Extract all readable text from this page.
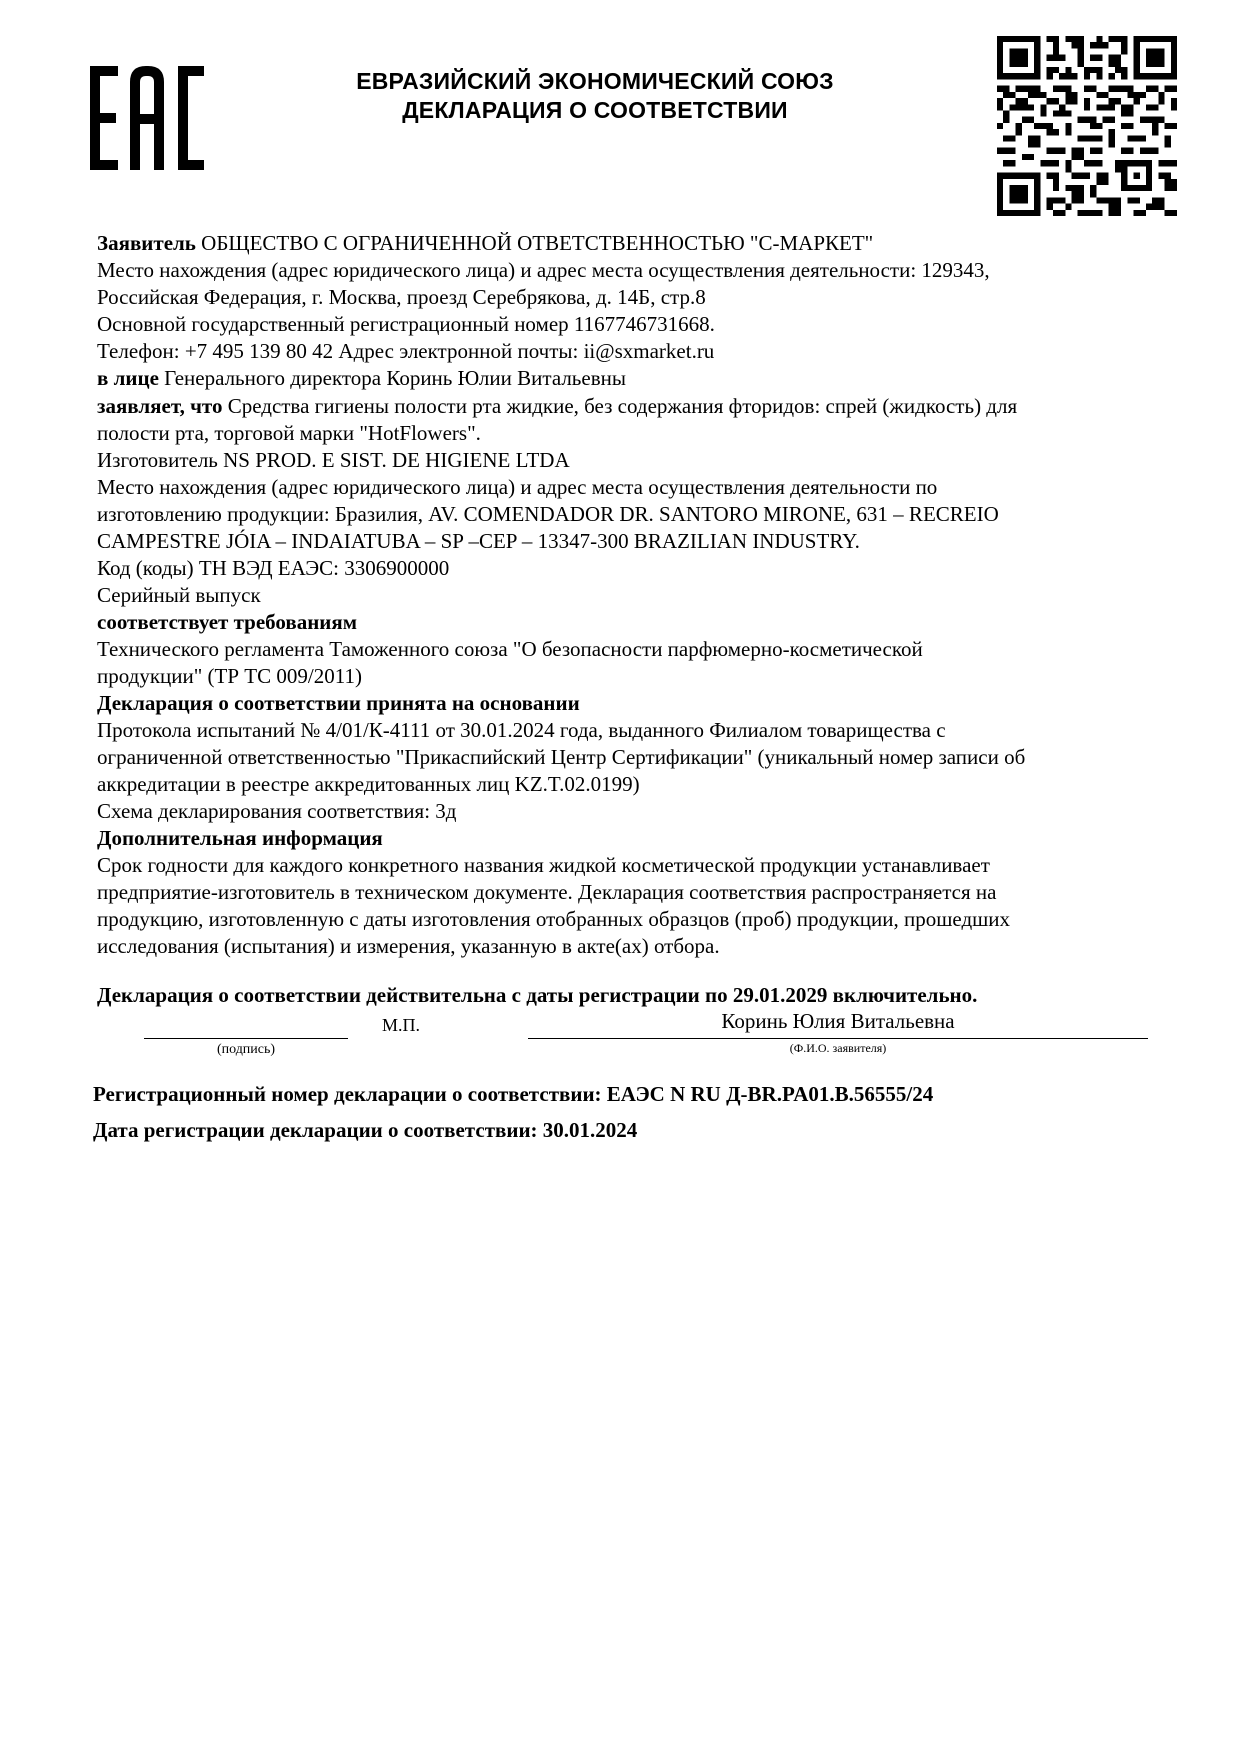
ЕВРАЗИЙСКИЙ ЭКОНОМИЧЕСКИЙ СОЮЗ
ДЕКЛАРАЦИЯ О СООТВЕТСТВИИ

Заявитель ОБЩЕСТВО С ОГРАНИЧЕННОЙ ОТВЕТСТВЕННОСТЬЮ "С-МАРКЕТ"

Место нахождения (адрес юридического лица) и адрес места осуществления деятельности: 129343,

Российская Федерация, г. Москва, проезд Серебрякова, д. 14Б, стр.8

Основной государственный регистрационный номер 1167746731668.

Телефон: +7 495 139 80 42 Адрес электронной почты: ii@sxmarket.ru

в лице Генерального директора Коринь Юлии Витальевны

заявляет, что Средства гигиены полости рта жидкие, без содержания фторидов: спрей (жидкость) для

полости рта, торговой марки "HotFlowers".

Изготовитель NS PROD. E SIST. DE HIGIENE LTDA

Место нахождения (адрес юридического лица) и адрес места осуществления деятельности по

изготовлению продукции: Бразилия, AV. COMENDADOR DR. SANTORO MIRONE, 631 – RECREIO

CAMPESTRE JÓIA – INDAIATUBA – SP –CEP – 13347-300 BRAZILIAN INDUSTRY.

Код (коды) ТН ВЭД ЕАЭС: 3306900000

Серийный выпуск

соответствует требованиям

Технического регламента Таможенного союза "О безопасности парфюмерно-косметической

продукции" (ТР ТС 009/2011)

Декларация о соответствии принята на основании

Протокола испытаний № 4/01/К-4111 от 30.01.2024 года, выданного Филиалом товарищества с

ограниченной ответственностью "Прикаспийский Центр Сертификации" (уникальный номер записи об

аккредитации в реестре аккредитованных лиц KZ.T.02.0199)

Схема декларирования соответствия: 3д

Дополнительная информация

Срок годности для каждого конкретного названия жидкой косметической продукции устанавливает

предприятие-изготовитель в техническом документе. Декларация соответствия распространяется на

продукцию, изготовленную с даты изготовления отобранных образцов (проб) продукции, прошедших

исследования (испытания) и измерения, указанную в акте(ах) отбора.

Декларация о соответствии действительна с даты регистрации по 29.01.2029 включительно.
(подпись)
М.П.	Коринь Юлия Витальевна
(Ф.И.О. заявителя)
Регистрационный номер декларации о соответствии: ЕАЭС N RU Д-BR.PA01.B.56555/24
Дата регистрации декларации о соответствии: 30.01.2024
